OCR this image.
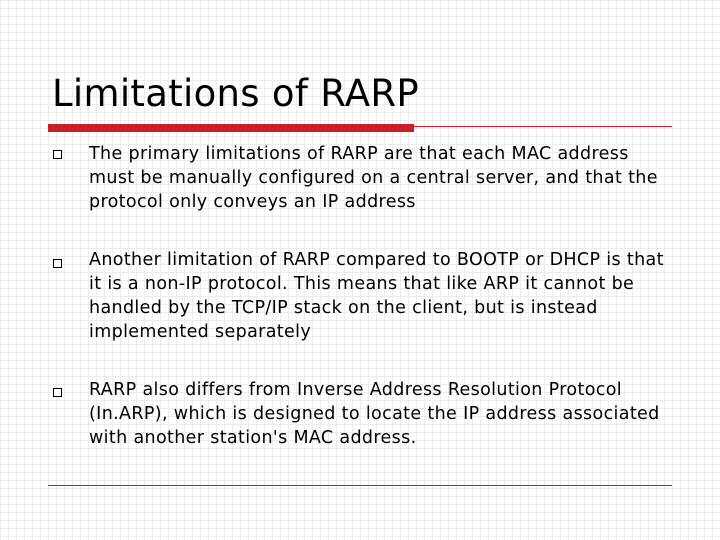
Limitations of RARP

The primary limitations of RARP are that each MAC address must be manually configured on a central server, and that the protocol only conveys an IP address

Another limitation of RARP compared to BOOTP or DHCP is that it is a non-IP protocol. This means that like ARP it cannot be handled by the TCP/IP stack on the client, but is instead implemented separately

RARP also differs from Inverse Address Resolution Protocol (In.ARP), which is designed to locate the IP address associated with another station's MAC address.
